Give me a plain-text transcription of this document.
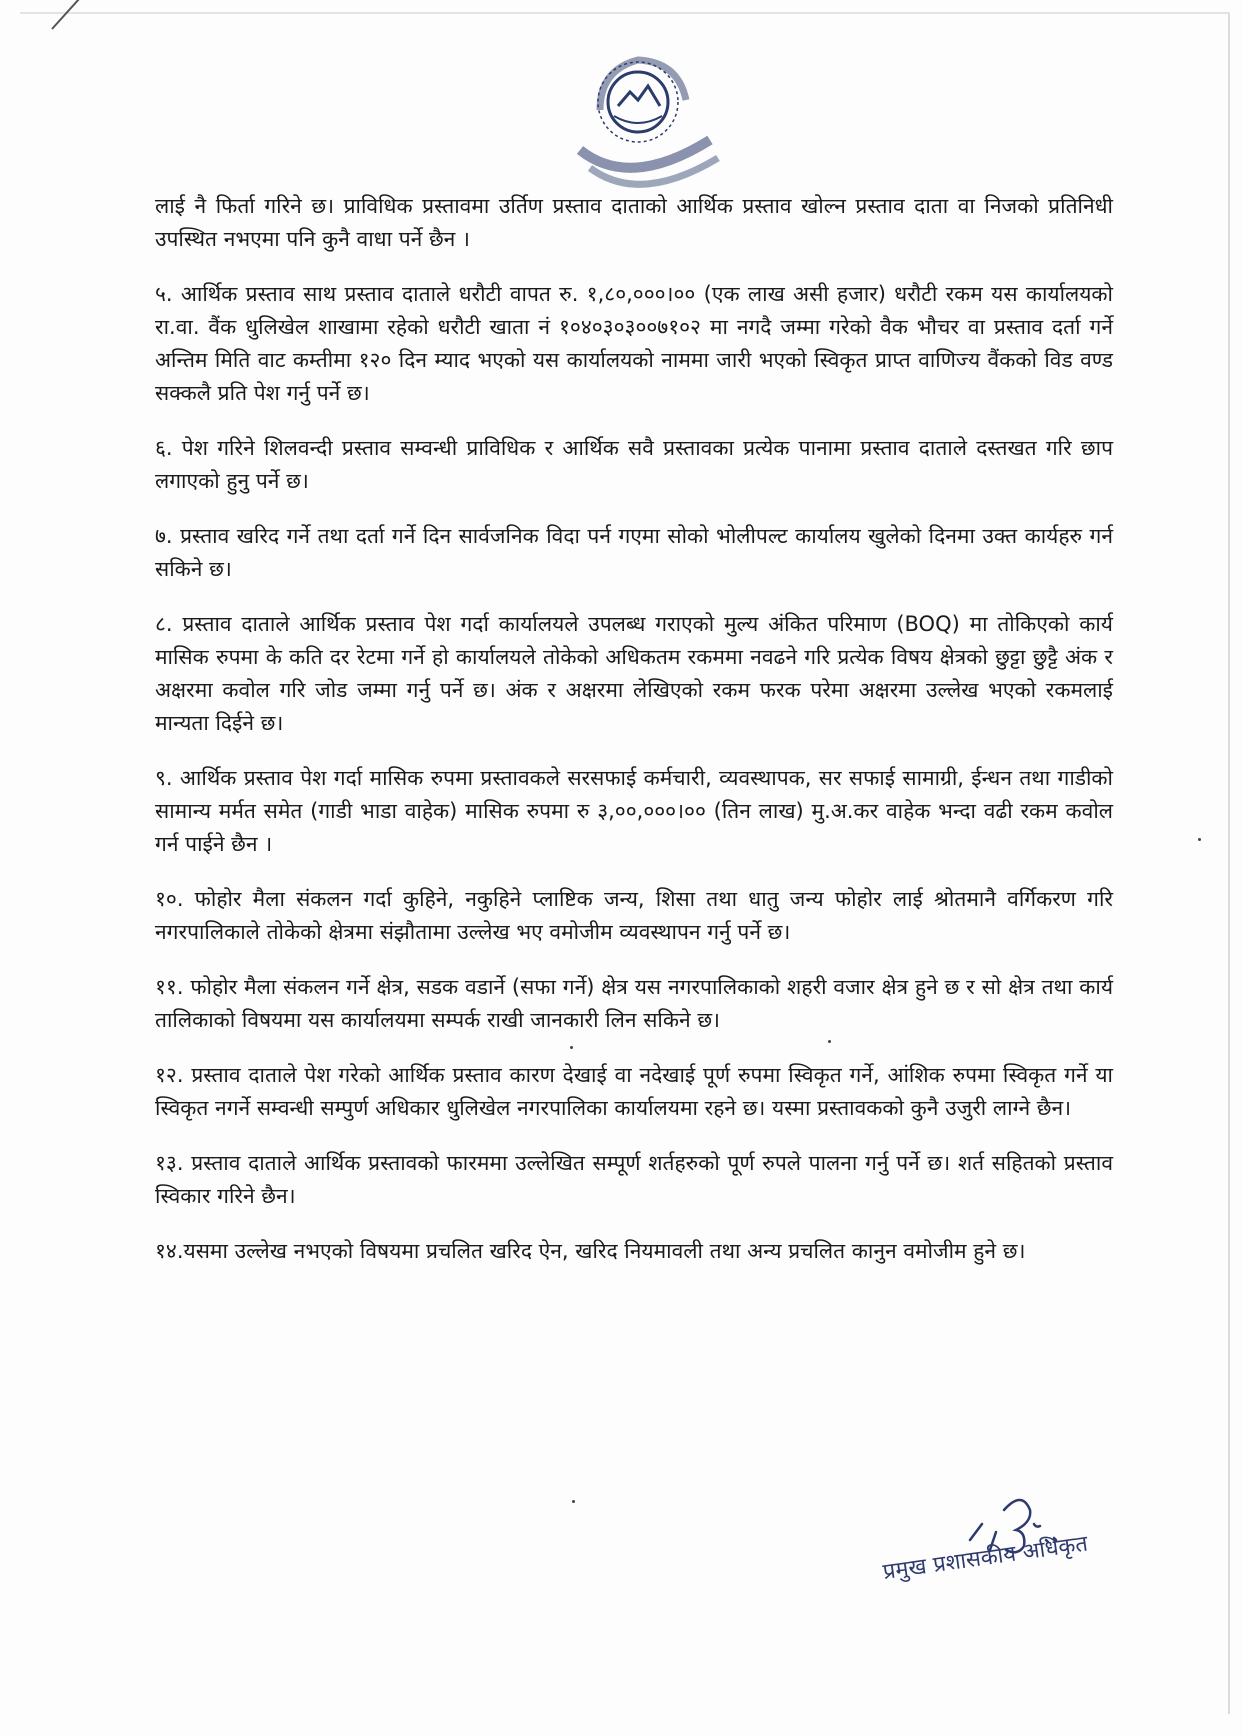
लाई नै फिर्ता गरिने छ। प्राविधिक प्रस्तावमा उर्तिण प्रस्ताव दाताको आर्थिक प्रस्ताव खोल्न प्रस्ताव दाता वा निजको प्रतिनिधी उपस्थित नभएमा पनि कुनै वाधा पर्ने छैन ।

५. आर्थिक प्रस्ताव साथ प्रस्ताव दाताले धरौटी वापत रु. १,८०,०००।०० (एक लाख असी हजार) धरौटी रकम यस कार्यालयको रा.वा. वैंक धुलिखेल शाखामा रहेको धरौटी खाता नं १०४०३०३००७१०२ मा नगदै जम्मा गरेको वैक भौचर वा प्रस्ताव दर्ता गर्ने अन्तिम मिति वाट कम्तीमा १२० दिन म्याद भएको यस कार्यालयको नाममा जारी भएको स्विकृत प्राप्त वाणिज्य वैंकको विड वण्ड सक्कलै प्रति पेश गर्नु पर्ने छ।

६. पेश गरिने शिलवन्दी प्रस्ताव सम्वन्धी प्राविधिक र आर्थिक सवै प्रस्तावका प्रत्येक पानामा प्रस्ताव दाताले दस्तखत गरि छाप लगाएको हुनु पर्ने छ।

७. प्रस्ताव खरिद गर्ने तथा दर्ता गर्ने दिन सार्वजनिक विदा पर्न गएमा सोको भोलीपल्ट कार्यालय खुलेको दिनमा उक्त कार्यहरु गर्न सकिने छ।

८. प्रस्ताव दाताले आर्थिक प्रस्ताव पेश गर्दा कार्यालयले उपलब्ध गराएको मुल्य अंकित परिमाण (BOQ) मा तोकिएको कार्य मासिक रुपमा के कति दर रेटमा गर्ने हो कार्यालयले तोकेको अधिकतम रकममा नवढने गरि प्रत्येक विषय क्षेत्रको छुट्टा छुट्टै अंक र अक्षरमा कवोल गरि जोड जम्मा गर्नु पर्ने छ। अंक र अक्षरमा लेखिएको रकम फरक परेमा अक्षरमा उल्लेख भएको रकमलाई मान्यता दिईने छ।

९. आर्थिक प्रस्ताव पेश गर्दा मासिक रुपमा प्रस्तावकले सरसफाई कर्मचारी, व्यवस्थापक, सर सफाई सामाग्री, ईन्धन तथा गाडीको सामान्य मर्मत समेत (गाडी भाडा वाहेक) मासिक रुपमा रु ३,००,०००।०० (तिन लाख) मु.अ.कर वाहेक भन्दा वढी रकम कवोल गर्न पाईने छैन ।

१०. फोहोर मैला संकलन गर्दा कुहिने, नकुहिने प्लाष्टिक जन्य, शिसा तथा धातु जन्य फोहोर लाई श्रोतमानै वर्गिकरण गरि नगरपालिकाले तोकेको क्षेत्रमा संझौतामा उल्लेख भए वमोजीम व्यवस्थापन गर्नु पर्ने छ।

११. फोहोर मैला संकलन गर्ने क्षेत्र, सडक वडार्ने (सफा गर्ने) क्षेत्र यस नगरपालिकाको शहरी वजार क्षेत्र हुने छ र सो क्षेत्र तथा कार्य तालिकाको विषयमा यस कार्यालयमा सम्पर्क राखी जानकारी लिन सकिने छ।

१२. प्रस्ताव दाताले पेश गरेको आर्थिक प्रस्ताव कारण देखाई वा नदेखाई पूर्ण रुपमा स्विकृत गर्ने, आंशिक रुपमा स्विकृत गर्ने या स्विकृत नगर्ने सम्वन्धी सम्पुर्ण अधिकार धुलिखेल नगरपालिका कार्यालयमा रहने छ। यस्मा प्रस्तावकको कुनै उजुरी लाग्ने छैन।

१३. प्रस्ताव दाताले आर्थिक प्रस्तावको फारममा उल्लेखित सम्पूर्ण शर्तहरुको पूर्ण रुपले पालना गर्नु पर्ने छ। शर्त सहितको प्रस्ताव स्विकार गरिने छैन।

१४.यसमा उल्लेख नभएको विषयमा प्रचलित खरिद ऐन, खरिद नियमावली तथा अन्य प्रचलित कानुन वमोजीम हुने छ।

प्रमुख प्रशासकीय अधिकृत
